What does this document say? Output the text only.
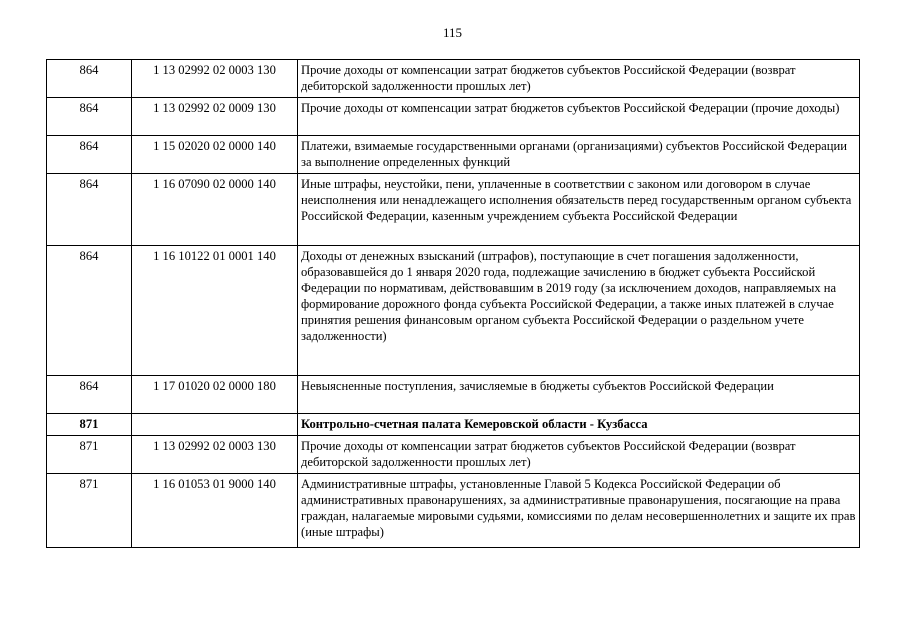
115
864	1 13 02992 02 0003 130	Прочие доходы от компенсации затрат бюджетов субъектов Российской Федерации (возврат дебиторской задолженности прошлых лет)
864	1 13 02992 02 0009 130	Прочие доходы от компенсации затрат бюджетов субъектов Российской Федерации (прочие доходы)
864	1 15 02020 02 0000 140	Платежи, взимаемые государственными органами (организациями) субъектов Российской Федерации за выполнение определенных функций
864	1 16 07090 02 0000 140	Иные штрафы, неустойки, пени, уплаченные в соответствии с законом или договором в случае неисполнения или ненадлежащего исполнения обязательств перед государственным органом субъекта Российской Федерации, казенным учреждением субъекта Российской Федерации
864	1 16 10122 01 0001 140	Доходы от денежных взысканий (штрафов), поступающие в счет погашения задолженности, образовавшейся до 1 января 2020 года, подлежащие зачислению в бюджет субъекта Российской Федерации по нормативам, действовавшим в 2019 году (за исключением доходов, направляемых на формирование дорожного фонда субъекта Российской Федерации, а также иных платежей в случае принятия решения финансовым органом субъекта Российской Федерации о раздельном учете задолженности)
864	1 17 01020 02 0000 180	Невыясненные поступления, зачисляемые в бюджеты субъектов Российской Федерации
871		Контрольно-счетная палата Кемеровской области - Кузбасса
871	1 13 02992 02 0003 130	Прочие доходы от компенсации затрат бюджетов субъектов Российской Федерации (возврат дебиторской задолженности прошлых лет)
871	1 16 01053 01 9000 140	Административные штрафы, установленные Главой 5 Кодекса Российской Федерации об административных правонарушениях, за административные правонарушения, посягающие на права граждан, налагаемые мировыми судьями, комиссиями по делам несовершеннолетних и защите их прав (иные штрафы)
